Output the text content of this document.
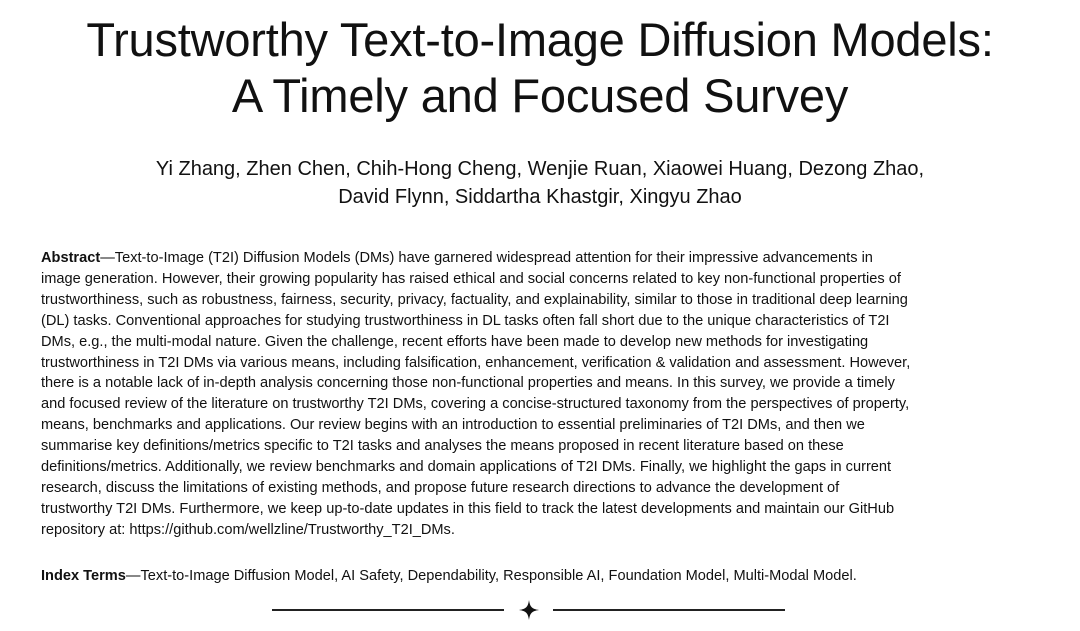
Trustworthy Text-to-Image Diffusion Models:
A Timely and Focused Survey
Yi Zhang, Zhen Chen, Chih-Hong Cheng, Wenjie Ruan, Xiaowei Huang, Dezong Zhao,
David Flynn, Siddartha Khastgir, Xingyu Zhao
Abstract—Text-to-Image (T2I) Diffusion Models (DMs) have garnered widespread attention for their impressive advancements in
image generation. However, their growing popularity has raised ethical and social concerns related to key non-functional properties of
trustworthiness, such as robustness, fairness, security, privacy, factuality, and explainability, similar to those in traditional deep learning
(DL) tasks. Conventional approaches for studying trustworthiness in DL tasks often fall short due to the unique characteristics of T2I
DMs, e.g., the multi-modal nature. Given the challenge, recent efforts have been made to develop new methods for investigating
trustworthiness in T2I DMs via various means, including falsification, enhancement, verification & validation and assessment. However,
there is a notable lack of in-depth analysis concerning those non-functional properties and means. In this survey, we provide a timely
and focused review of the literature on trustworthy T2I DMs, covering a concise-structured taxonomy from the perspectives of property,
means, benchmarks and applications. Our review begins with an introduction to essential preliminaries of T2I DMs, and then we
summarise key definitions/metrics specific to T2I tasks and analyses the means proposed in recent literature based on these
definitions/metrics. Additionally, we review benchmarks and domain applications of T2I DMs. Finally, we highlight the gaps in current
research, discuss the limitations of existing methods, and propose future research directions to advance the development of
trustworthy T2I DMs. Furthermore, we keep up-to-date updates in this field to track the latest developments and maintain our GitHub
repository at: https://github.com/wellzline/Trustworthy_T2I_DMs.
Index Terms—Text-to-Image Diffusion Model, AI Safety, Dependability, Responsible AI, Foundation Model, Multi-Modal Model.
